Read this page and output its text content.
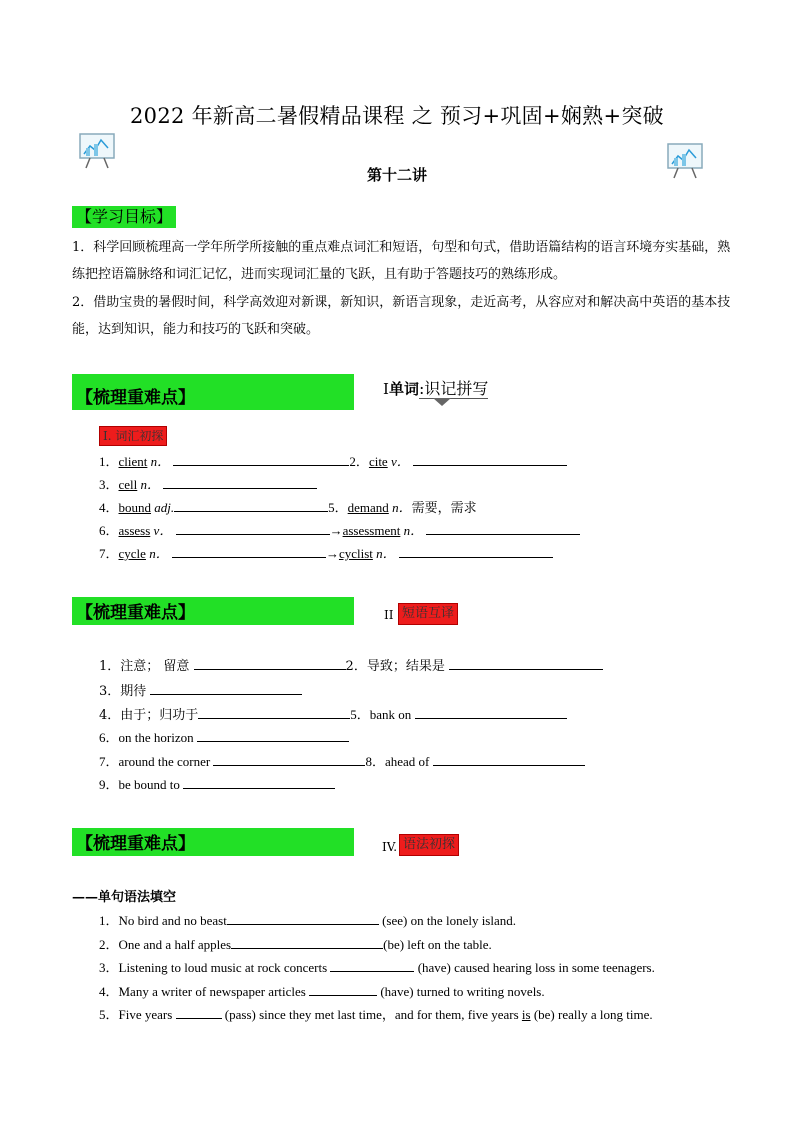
2022 年新高二暑假精品课程 之 预习+巩固+娴熟+突破
第十二讲
【学习目标】
1．科学回顾梳理高一学年所学所接触的重点难点词汇和短语，句型和句式，借助语篇结构的语言环境夯实基础，熟练把控语篇脉络和词汇记忆，进而实现词汇量的飞跃，且有助于答题技巧的熟练形成。
2．借助宝贵的暑假时间，科学高效迎对新课，新知识，新语言现象，走近高考，从容应对和解决高中英语的基本技能，达到知识，能力和技巧的飞跃和突破。
【梳理重难点】	I单词:识记拼写
I. 词汇初探
1．client n．	2．cite v．
3．cell n．
4．bound adj.	5．demand n．需要，需求
6．assess v．	→assessment n．
7．cycle n．	→cyclist n．
【梳理重难点】	II 短语互译
1．注意； 留意	2．导致；结果是
3．期待
4．由于；归功于	5．bank on
6．on the horizon
7．around the corner	8．ahead of
9．be bound to
【梳理重难点】	IV. 语法初探
——单句语法填空
1．No bird and no beast	(see) on the lonely island.
2．One and a half apples	(be) left on the table.
3．Listening to loud music at rock concerts	(have) caused hearing loss in some teenagers.
4．Many a writer of newspaper articles	(have) turned to writing novels.
5．Five years	(pass) since they met last time，and for them, five years is (be) really a long time.
